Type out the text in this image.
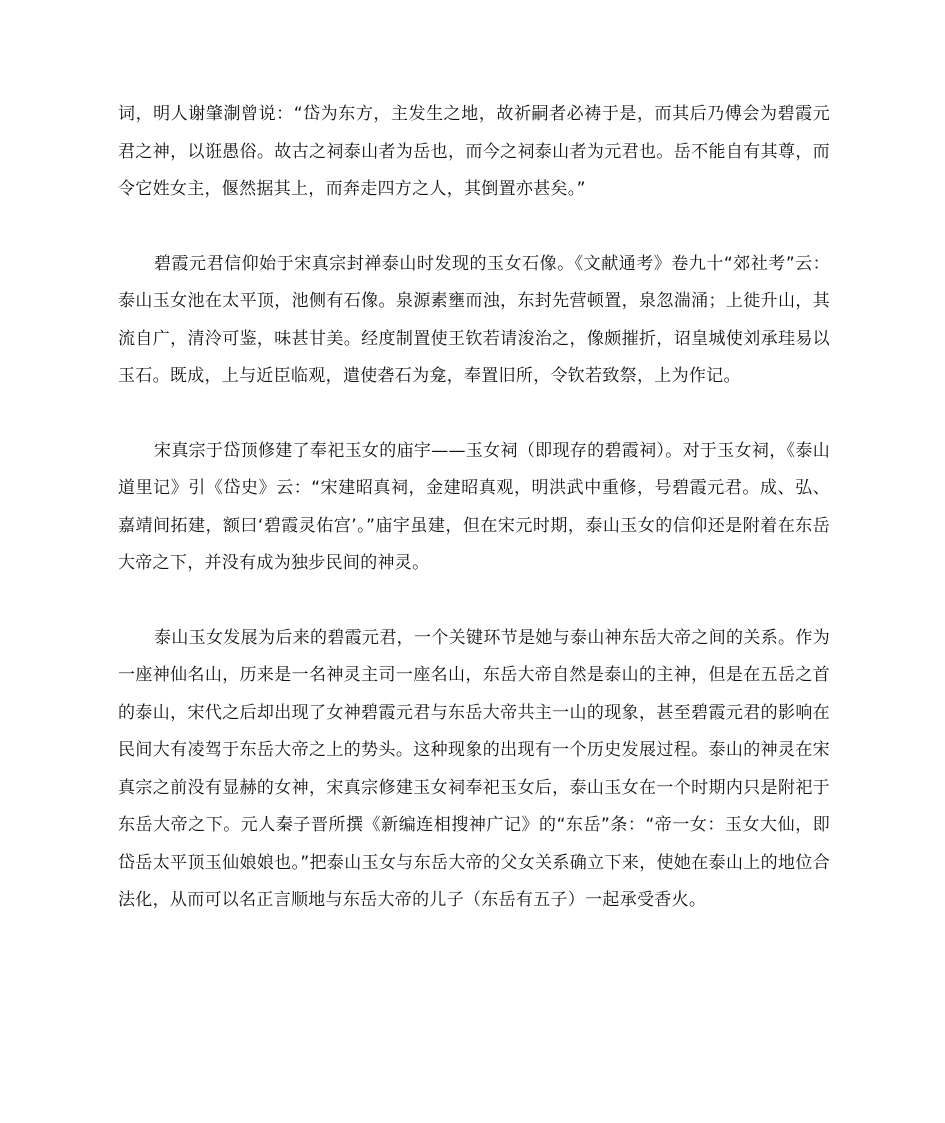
词，明人谢肇淛曾说：“岱为东方，主发生之地，故祈嗣者必祷于是，而其后乃傅会为碧霞元君之神，以诳愚俗。故古之祠泰山者为岳也，而今之祠泰山者为元君也。岳不能自有其尊，而令它姓女主，偃然据其上，而奔走四方之人，其倒置亦甚矣。”

碧霞元君信仰始于宋真宗封禅泰山时发现的玉女石像。《文献通考》卷九十“郊社考”云：泰山玉女池在太平顶，池侧有石像。泉源素壅而浊，东封先营顿置，泉忽湍涌；上徙升山，其流自广，清泠可鉴，味甚甘美。经度制置使王钦若请浚治之，像颇摧折，诏皇城使刘承珪易以玉石。既成，上与近臣临观，遣使砻石为龛，奉置旧所，令钦若致祭，上为作记。

宋真宗于岱顶修建了奉祀玉女的庙宇——玉女祠（即现存的碧霞祠）。对于玉女祠，《泰山道里记》引《岱史》云：“宋建昭真祠，金建昭真观，明洪武中重修，号碧霞元君。成、弘、嘉靖间拓建，额曰‘碧霞灵佑宫’。”庙宇虽建，但在宋元时期，泰山玉女的信仰还是附着在东岳大帝之下，并没有成为独步民间的神灵。

泰山玉女发展为后来的碧霞元君，一个关键环节是她与泰山神东岳大帝之间的关系。作为一座神仙名山，历来是一名神灵主司一座名山，东岳大帝自然是泰山的主神，但是在五岳之首的泰山，宋代之后却出现了女神碧霞元君与东岳大帝共主一山的现象，甚至碧霞元君的影响在民间大有凌驾于东岳大帝之上的势头。这种现象的出现有一个历史发展过程。泰山的神灵在宋真宗之前没有显赫的女神，宋真宗修建玉女祠奉祀玉女后，泰山玉女在一个时期内只是附祀于东岳大帝之下。元人秦子晋所撰《新编连相搜神广记》的“东岳”条：“帝一女：玉女大仙，即岱岳太平顶玉仙娘娘也。”把泰山玉女与东岳大帝的父女关系确立下来，使她在泰山上的地位合法化，从而可以名正言顺地与东岳大帝的儿子（东岳有五子）一起承受香火。
